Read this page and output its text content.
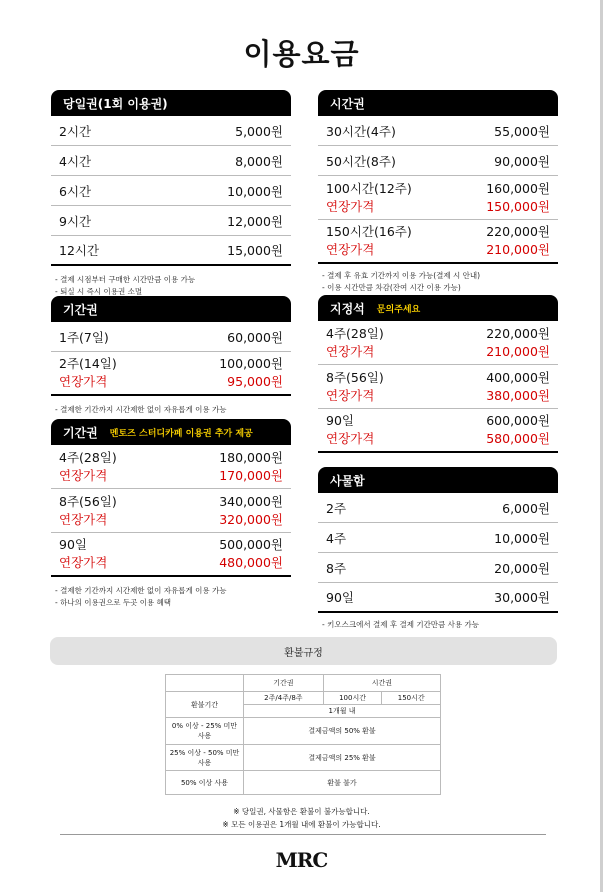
이용요금
당일권(1회 이용권)
2시간	5,000원
4시간	8,000원
6시간	10,000원
9시간	12,000원
12시간	15,000원
- 결제 시점부터 구매한 시간만큼 이용 가능
- 퇴실 시 즉시 이용권 소멸
기간권
1주(7일)	60,000원
2주(14일)	100,000원
연장가격	95,000원
- 결제한 기간까지 시간제한 없이 자유롭게 이용 가능
기간권 멘토즈 스터디카페 이용권 추가 제공
4주(28일)	180,000원
연장가격	170,000원
8주(56일)	340,000원
연장가격	320,000원
90일	500,000원
연장가격	480,000원
- 결제한 기간까지 시간제한 없이 자유롭게 이용 가능
- 하나의 이용권으로 두곳 이용 혜택
시간권
30시간(4주)	55,000원
50시간(8주)	90,000원
100시간(12주)	160,000원
연장가격	150,000원
150시간(16주)	220,000원
연장가격	210,000원
- 결제 후 유효 기간까지 이용 가능(결제 시 안내)
- 이용 시간만큼 차감(잔여 시간 이용 가능)
지정석 문의주세요
4주(28일)	220,000원
연장가격	210,000원
8주(56일)	400,000원
연장가격	380,000원
90일	600,000원
연장가격	580,000원
사물함
2주	6,000원
4주	10,000원
8주	20,000원
90일	30,000원
- 키오스크에서 결제 후 결제 기간만큼 사용 가능
환불규정
	기간권	시간권	
환불기간	2주/4주/8주	100시간	150시간
	1개월 내		
0% 이상 - 25% 미만 사용	결제금액의 50% 환불		
25% 이상 - 50% 미만 사용	결제금액의 25% 환불		
50% 이상 사용	환불 불가		
※ 당일권, 사물함은 환불이 불가능합니다.
※ 모든 이용권은 1개월 내에 환불이 가능합니다.
MRC
